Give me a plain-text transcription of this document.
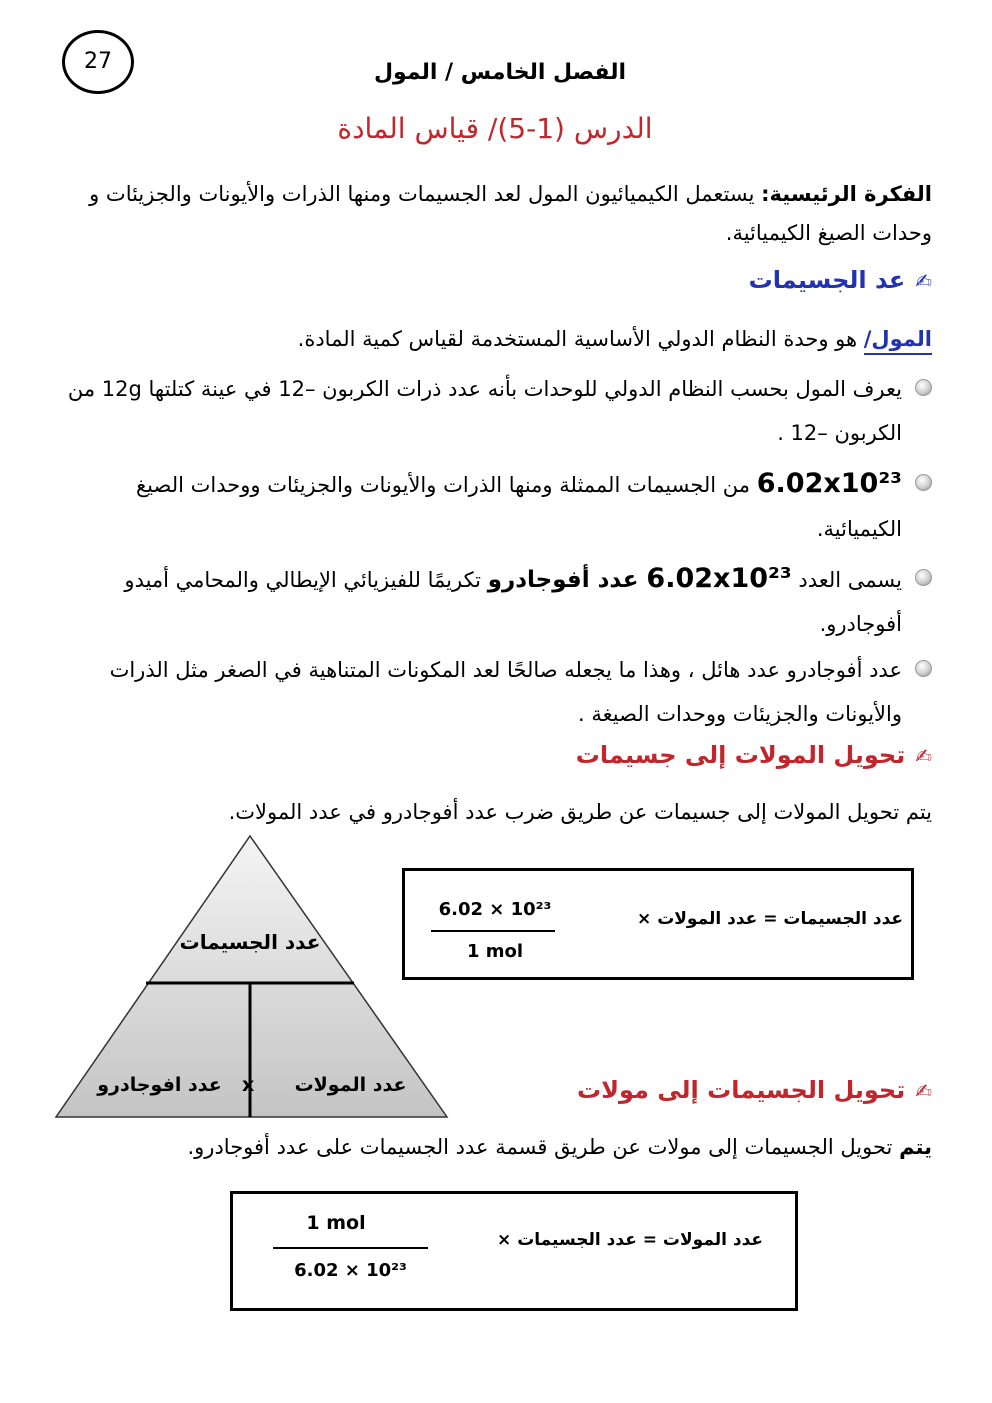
27	الفصل الخامس / المول
الدرس (1-5)/ قياس المادة
الفكرة الرئيسية: يستعمل الكيميائيون المول لعد الجسيمات ومنها الذرات والأيونات والجزيئات و وحدات الصيغ الكيميائية.
✍عد الجسيمات
المول/ هو وحدة النظام الدولي الأساسية المستخدمة لقياس كمية المادة.
يعرف المول بحسب النظام الدولي للوحدات بأنه عدد ذرات الكربون –12 في عينة كتلتها 12g من الكربون –12 .
6.02x10²³ من الجسيمات الممثلة ومنها الذرات والأيونات والجزيئات ووحدات الصيغ الكيميائية.
يسمى العدد 6.02x10²³ عدد أفوجادرو تكريمًا للفيزيائي الإيطالي والمحامي أميدو أفوجادرو.
عدد أفوجادرو عدد هائل ، وهذا ما يجعله صالحًا لعد المكونات المتناهية في الصغر مثل الذرات والأيونات والجزيئات ووحدات الصيغة .
✍تحويل المولات إلى جسيمات
يتم تحويل المولات إلى جسيمات عن طريق ضرب عدد أفوجادرو في عدد المولات.
عدد الجسيمات = عدد المولات ×
6.02 × 10²³
1 mol
عدد الجسيمات
عدد المولات
x
عدد افوجادرو	✍تحويل الجسيمات إلى مولات
يتم تحويل الجسيمات إلى مولات عن طريق قسمة عدد الجسيمات على عدد أفوجادرو.
عدد المولات = عدد الجسيمات ×
1 mol
6.02 × 10²³
